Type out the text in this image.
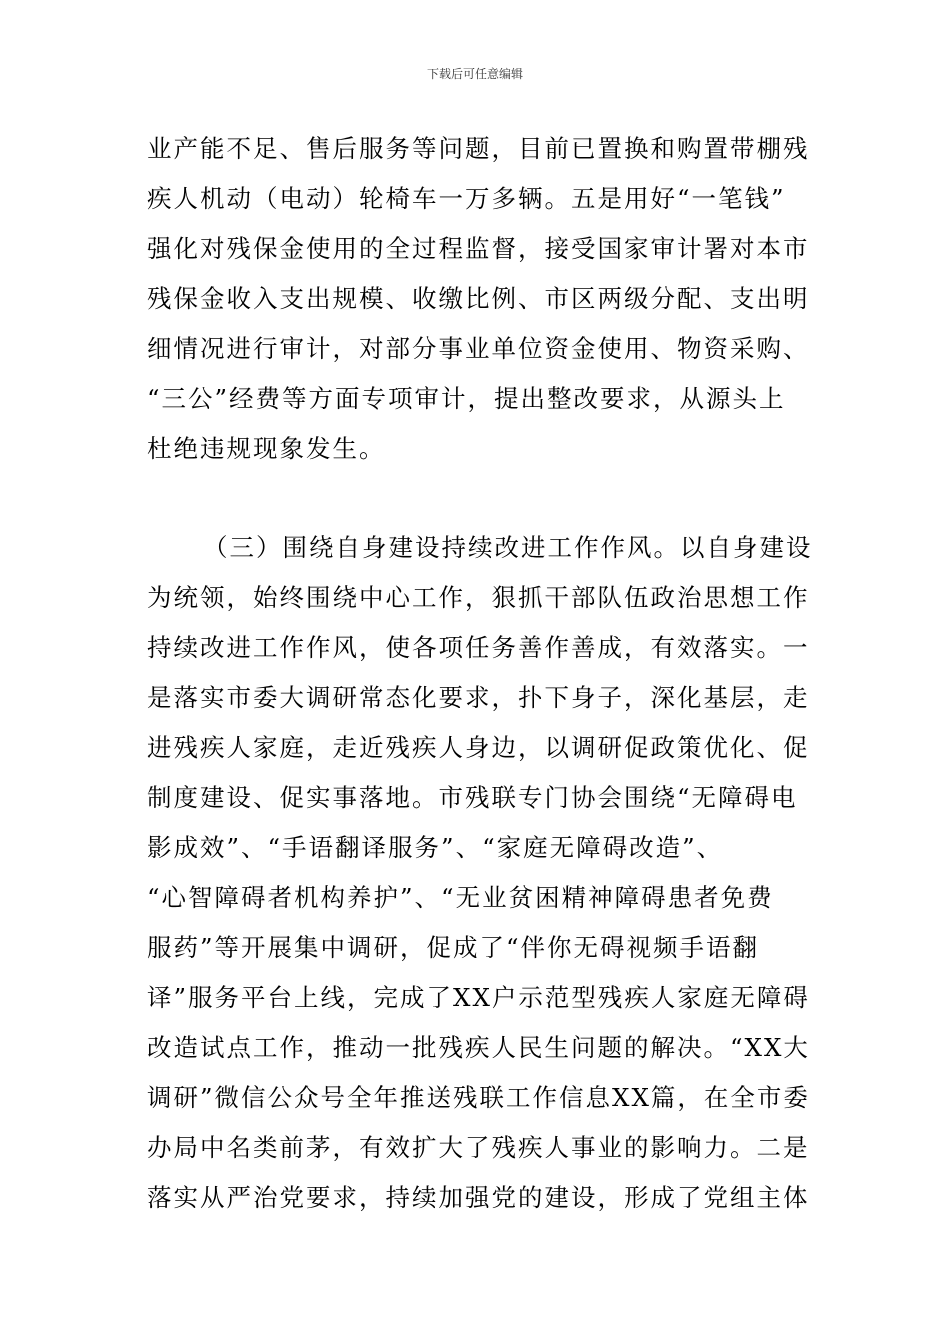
下载后可任意编辑
业产能不足、售后服务等问题，目前已置换和购置带棚残
疾人机动（电动）轮椅车一万多辆。五是用好“一笔钱”
强化对残保金使用的全过程监督，接受国家审计署对本市
残保金收入支出规模、收缴比例、市区两级分配、支出明
细情况进行审计，对部分事业单位资金使用、物资采购、
“三公”经费等方面专项审计，提出整改要求，从源头上
杜绝违规现象发生。
（三）围绕自身建设持续改进工作作风。以自身建设
为统领，始终围绕中心工作，狠抓干部队伍政治思想工作
持续改进工作作风，使各项任务善作善成，有效落实。一
是落实市委大调研常态化要求，扑下身子，深化基层，走
进残疾人家庭，走近残疾人身边，以调研促政策优化、促
制度建设、促实事落地。市残联专门协会围绕“无障碍电
影成效”、“手语翻译服务”、“家庭无障碍改造”、
“心智障碍者机构养护”、“无业贫困精神障碍患者免费
服药”等开展集中调研，促成了“伴你无碍视频手语翻
译”服务平台上线，完成了XX户示范型残疾人家庭无障碍
改造试点工作，推动一批残疾人民生问题的解决。“XX大
调研”微信公众号全年推送残联工作信息XX篇，在全市委
办局中名类前茅，有效扩大了残疾人事业的影响力。二是
落实从严治党要求，持续加强党的建设，形成了党组主体
